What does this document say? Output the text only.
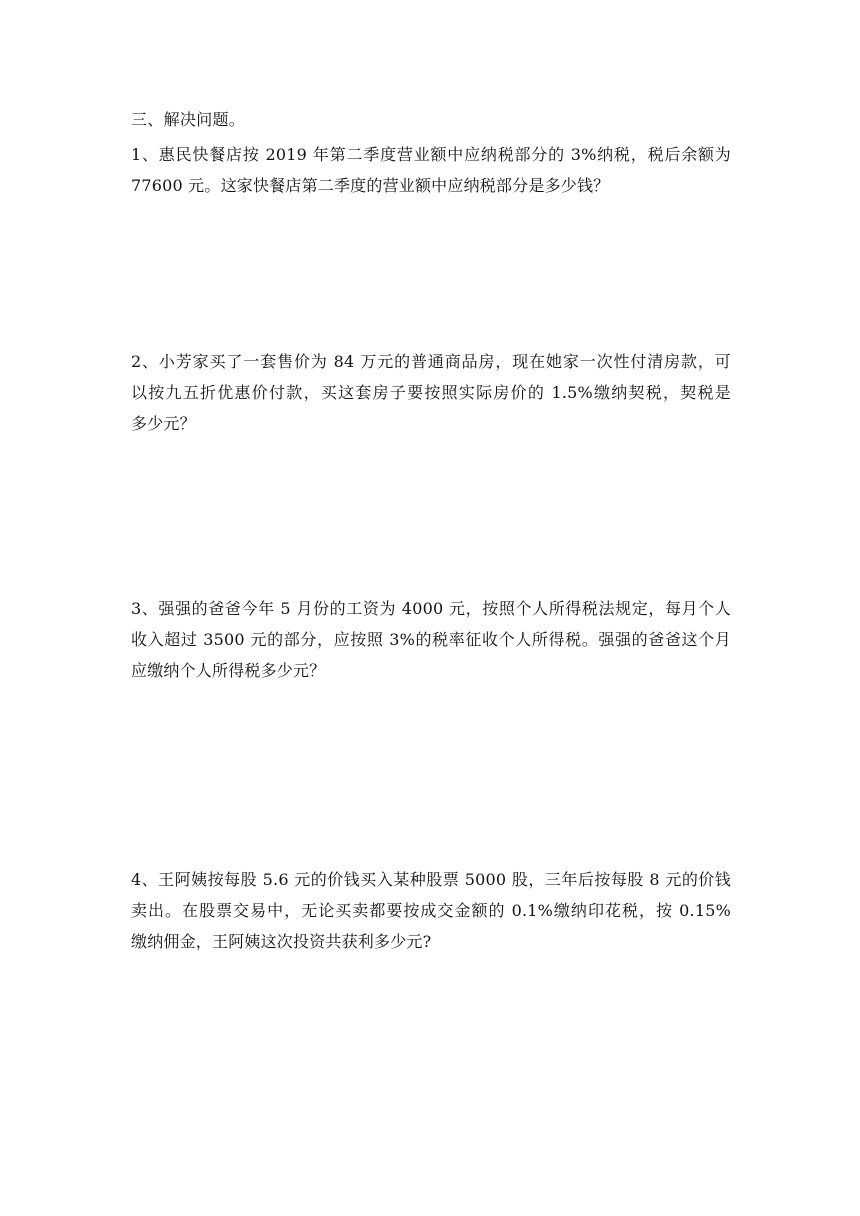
三、解决问题。
1、惠民快餐店按 2019 年第二季度营业额中应纳税部分的 3%纳税，税后余额为
77600 元。这家快餐店第二季度的营业额中应纳税部分是多少钱？
2、小芳家买了一套售价为 84 万元的普通商品房，现在她家一次性付清房款，可
以按九五折优惠价付款，买这套房子要按照实际房价的 1.5%缴纳契税，契税是
多少元？
3、强强的爸爸今年 5 月份的工资为 4000 元，按照个人所得税法规定，每月个人
收入超过 3500 元的部分，应按照 3%的税率征收个人所得税。强强的爸爸这个月
应缴纳个人所得税多少元？
4、王阿姨按每股 5.6 元的价钱买入某种股票 5000 股，三年后按每股 8 元的价钱
卖出。在股票交易中，无论买卖都要按成交金额的 0.1%缴纳印花税，按 0.15%
缴纳佣金，王阿姨这次投资共获利多少元?
